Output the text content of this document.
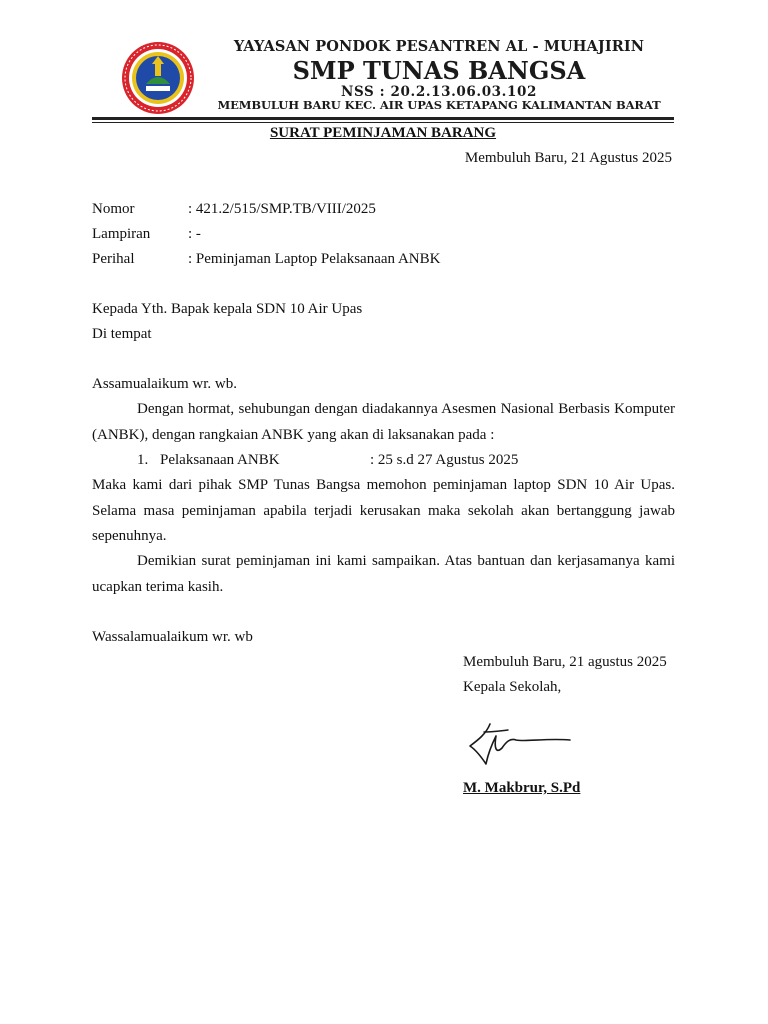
YAYASAN PONDOK PESANTREN AL - MUHAJIRIN
SMP TUNAS BANGSA
NSS : 20.2.13.06.03.102
MEMBULUH BARU KEC. AIR UPAS KETAPANG KALIMANTAN BARAT
SURAT PEMINJAMAN BARANG
Membuluh Baru, 21 Agustus 2025
Nomor	: 421.2/515/SMP.TB/VIII/2025
Lampiran	: -
Perihal	: Peminjaman Laptop Pelaksanaan ANBK
Kepada Yth. Bapak kepala SDN 10 Air Upas
Di tempat
Assamualaikum wr. wb.
Dengan hormat, sehubungan dengan diadakannya Asesmen Nasional Berbasis Komputer (ANBK), dengan rangkaian ANBK yang akan di laksanakan pada :
1. Pelaksanaan ANBK	: 25 s.d 27 Agustus 2025
Maka kami dari pihak SMP Tunas Bangsa memohon peminjaman laptop SDN 10 Air Upas. Selama masa peminjaman apabila terjadi kerusakan maka sekolah akan bertanggung jawab sepenuhnya.
Demikian surat peminjaman ini kami sampaikan. Atas bantuan dan kerjasamanya kami ucapkan terima kasih.
Wassalamualaikum wr. wb
Membuluh Baru, 21 agustus 2025
Kepala Sekolah,
M. Makbrur, S.Pd
